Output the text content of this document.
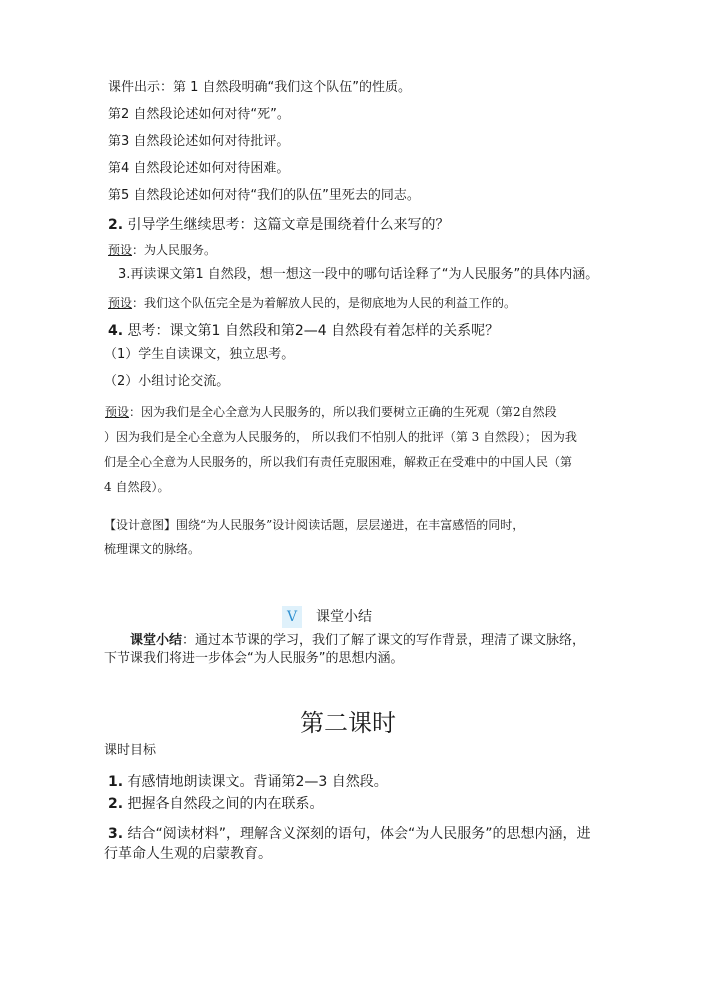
课件出示：第 1 自然段明确“我们这个队伍”的性质。
第2 自然段论述如何对待“死”。
第3 自然段论述如何对待批评。
第4 自然段论述如何对待困难。
第5 自然段论述如何对待“我们的队伍”里死去的同志。
2. 引导学生继续思考：这篇文章是围绕着什么来写的？
预设：为人民服务。
3.再读课文第1 自然段，想一想这一段中的哪句话诠释了“为人民服务”的具体内涵。
预设：我们这个队伍完全是为着解放人民的，是彻底地为人民的利益工作的。
4. 思考：课文第1 自然段和第2—4 自然段有着怎样的关系呢？
（1）学生自读课文，独立思考。
（2）小组讨论交流。
预设：因为我们是全心全意为人民服务的，所以我们要树立正确的生死观（第2自然段
）因为我们是全心全意为人民服务的， 所以我们不怕别人的批评（第 3 自然段）； 因为我
们是全心全意为人民服务的，所以我们有责任克服困难，解救正在受难中的中国人民（第
4 自然段）。
【设计意图】围绕“为人民服务”设计阅读话题，层层递进，在丰富感悟的同时，
梳理课文的脉络。
V	课堂小结
课堂小结：通过本节课的学习，我们了解了课文的写作背景，理清了课文脉络，
下节课我们将进一步体会“为人民服务”的思想内涵。
第二课时
课时目标
1. 有感情地朗读课文。背诵第2—3 自然段。
2. 把握各自然段之间的内在联系。
3. 结合“阅读材料”，理解含义深刻的语句，体会“为人民服务”的思想内涵，进
行革命人生观的启蒙教育。
